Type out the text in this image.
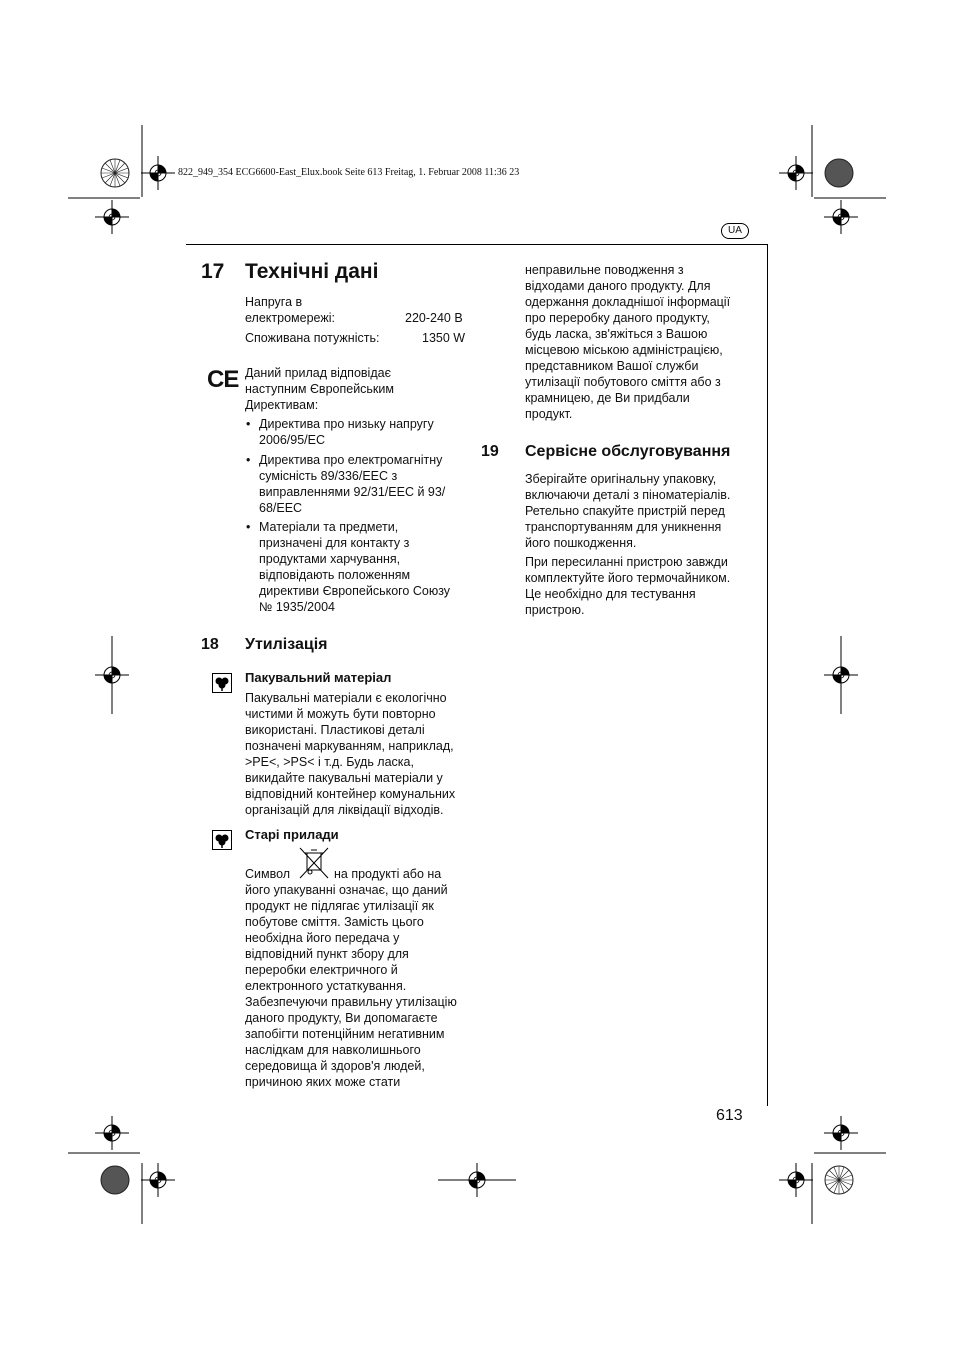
822_949_354 ECG6600-East_Elux.book Seite 613 Freitag, 1. Februar 2008 11:36 23
UA
17 Технічні дані
Напруга в
електромережі:	220-240 В
Споживана потужність:	1350 W
CE Даний прилад відповідає
наступним Європейським
Директивам:
• Директива про низьку напругу
2006/95/EC
• Директива про електромагнітну
сумісність 89/336/EEC з
виправленнями 92/31/EEC й 93/
68/EEC
• Матеріали та предмети,
призначені для контакту з
продуктами харчування,
відповідають положенням
директиви Європейського Союзу
№ 1935/2004
18 Утилізація
Пакувальний матеріал
Пакувальні матеріали є екологічно
чистими й можуть бути повторно
використані. Пластикові деталі
позначені маркуванням, наприклад,
>PE<, >PS< і т.д. Будь ласка,
викидайте пакувальні матеріали у
відповідний контейнер комунальних
організацій для ліквідації відходів.
Старі прилади
Символ	на продукті або на
його упакуванні означає, що даний
продукт не підлягає утилізації як
побутове сміття. Замість цього
необхідна його передача у
відповідний пункт збору для
переробки електричного й
електронного устаткування.
Забезпечуючи правильну утилізацію
даного продукту, Ви допомагаєте
запобігти потенційним негативним
наслідкам для навколишнього
середовища й здоров'я людей,
причиною яких може стати
неправильне поводження з
відходами даного продукту. Для
одержання докладнішої інформації
про переробку даного продукту,
будь ласка, зв'яжіться з Вашою
місцевою міською адміністрацією,
представником Вашої служби
утилізації побутового сміття або з
крамницею, де Ви придбали
продукт.
19 Сервісне обслуговування
Зберігайте оригінальну упаковку,
включаючи деталі з піноматеріалів.
Ретельно спакуйте пристрій перед
транспортуванням для уникнення
його пошкодження.
При пересиланні пристрою завжди
комплектуйте його термочайником.
Це необхідно для тестування
пристрою.
613
